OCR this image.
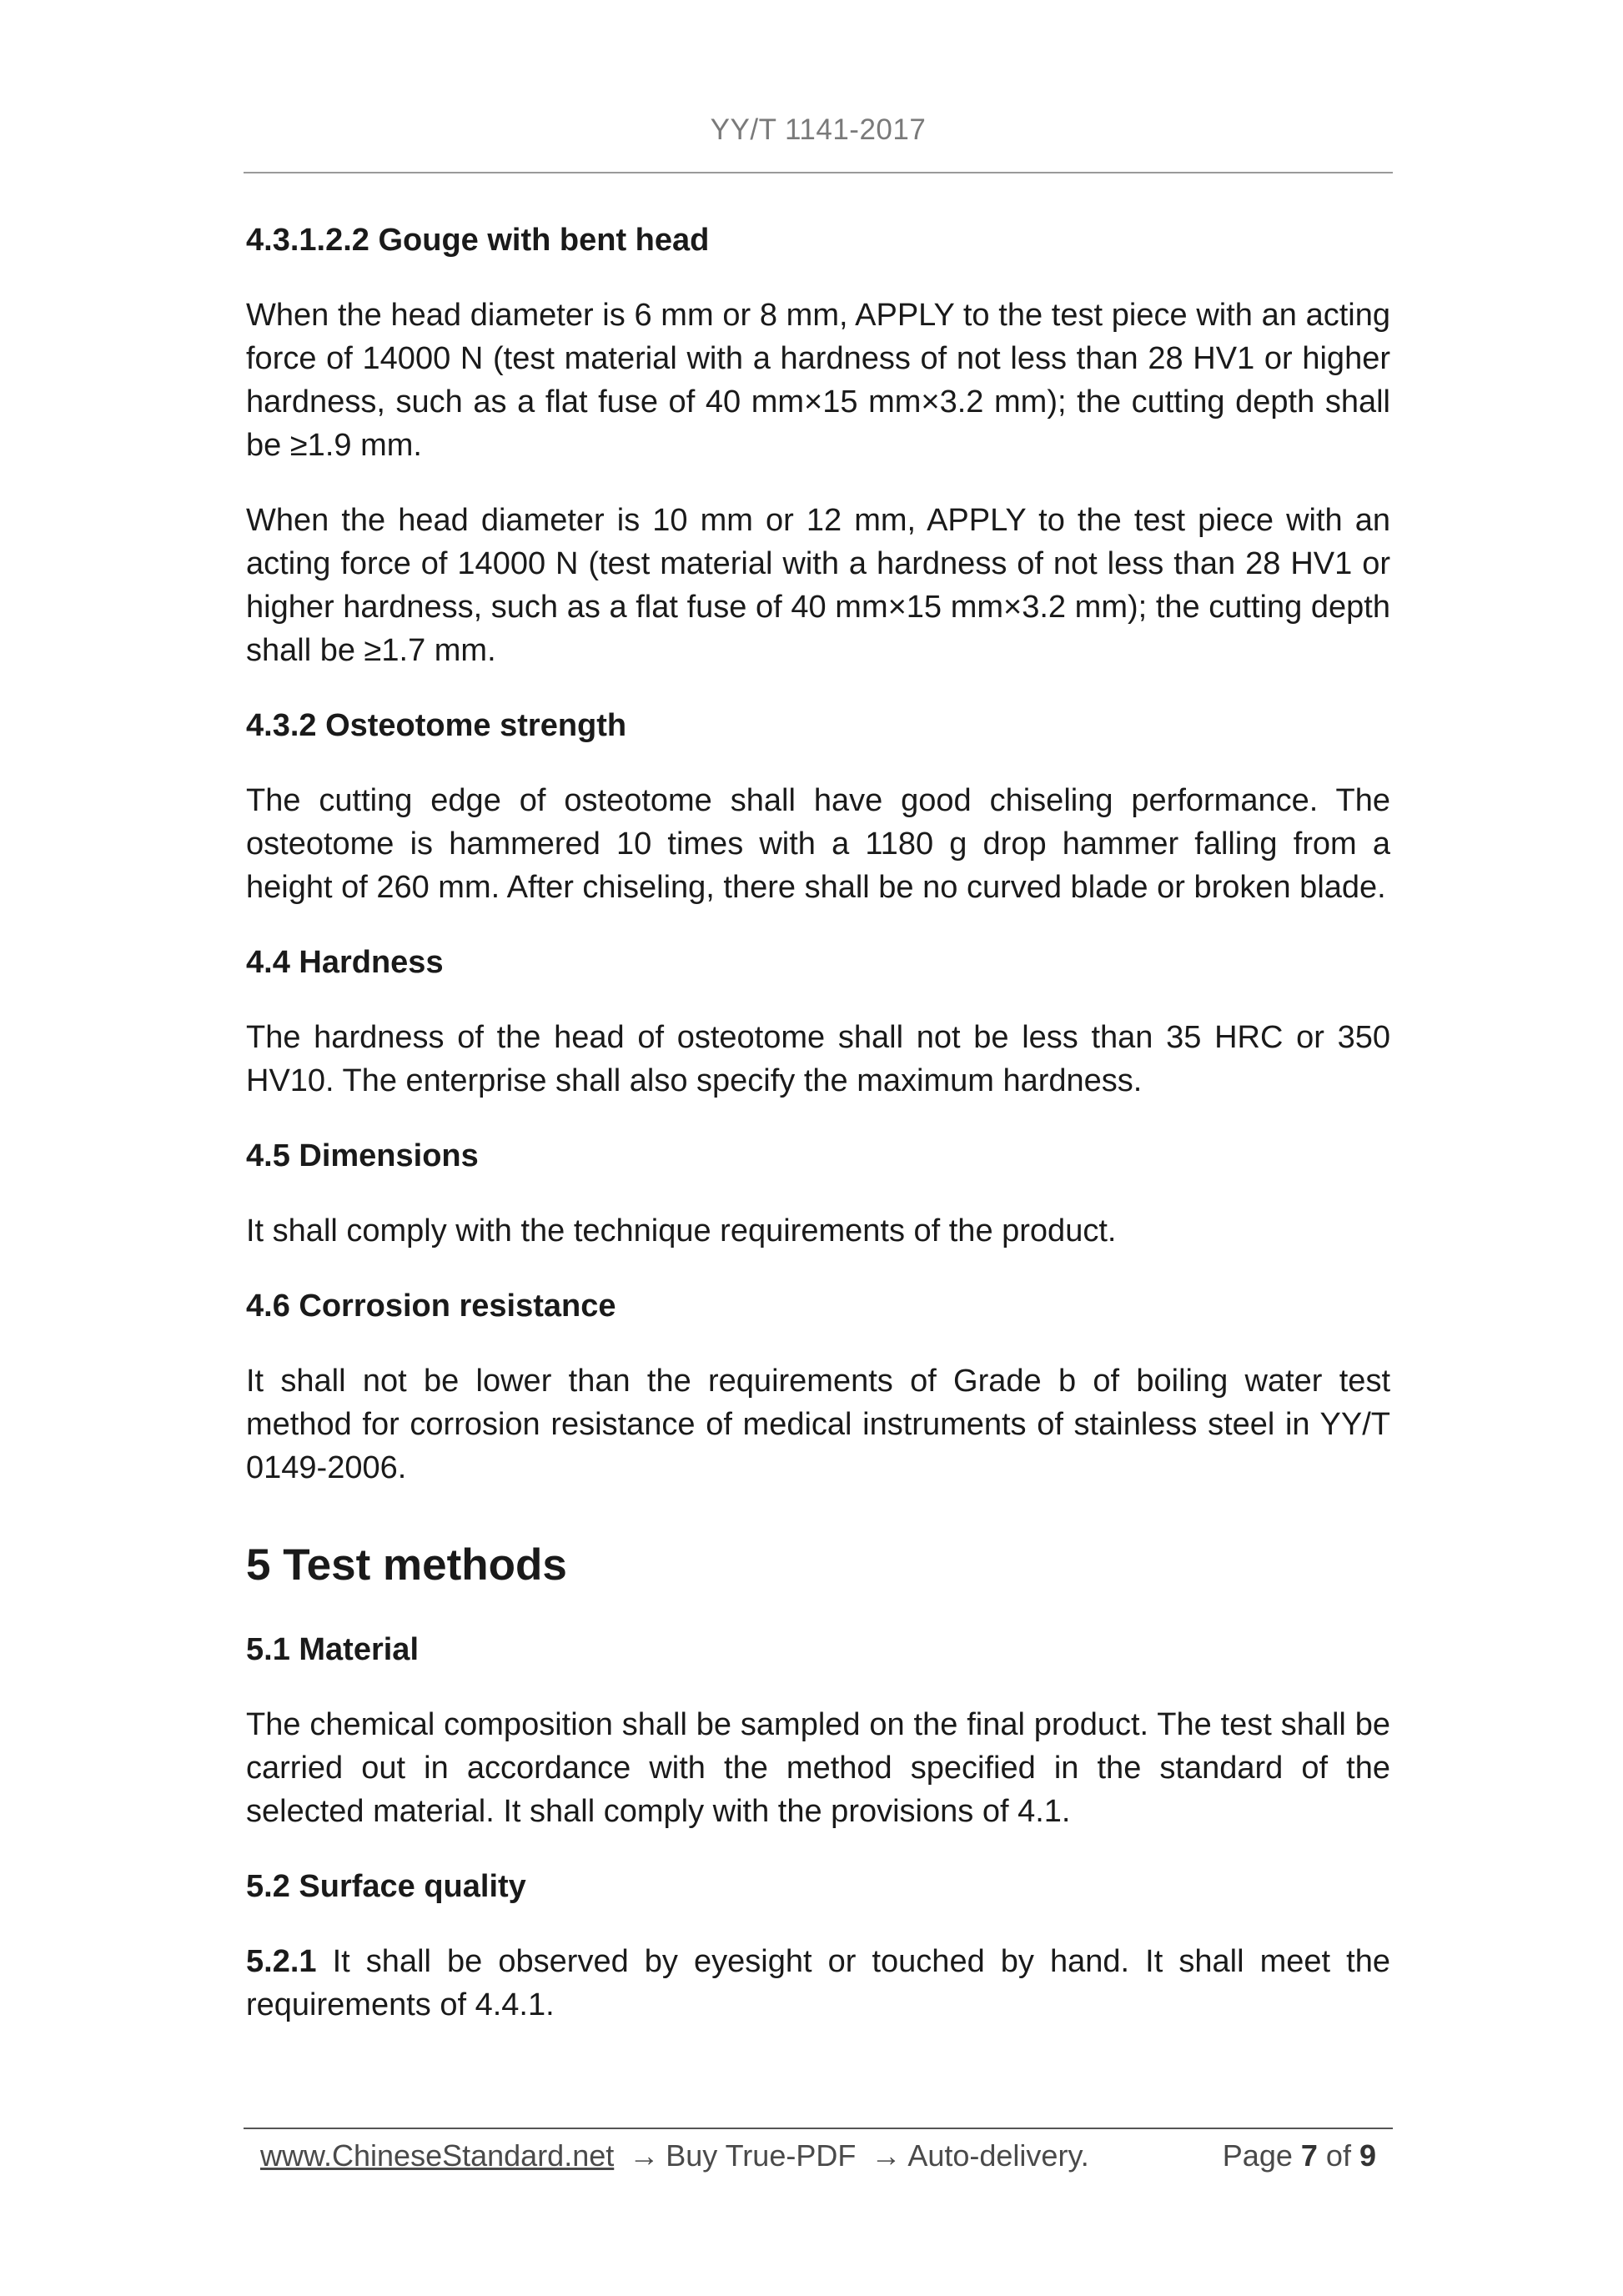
YY/T 1141-2017
4.3.1.2.2 Gouge with bent head
When the head diameter is 6 mm or 8 mm, APPLY to the test piece with an acting force of 14000 N (test material with a hardness of not less than 28 HV1 or higher hardness, such as a flat fuse of 40 mm×15 mm×3.2 mm); the cutting depth shall be ≥1.9 mm.
When the head diameter is 10 mm or 12 mm, APPLY to the test piece with an acting force of 14000 N (test material with a hardness of not less than 28 HV1 or higher hardness, such as a flat fuse of 40 mm×15 mm×3.2 mm); the cutting depth shall be ≥1.7 mm.
4.3.2 Osteotome strength
The cutting edge of osteotome shall have good chiseling performance. The osteotome is hammered 10 times with a 1180 g drop hammer falling from a height of 260 mm. After chiseling, there shall be no curved blade or broken blade.
4.4 Hardness
The hardness of the head of osteotome shall not be less than 35 HRC or 350 HV10. The enterprise shall also specify the maximum hardness.
4.5 Dimensions
It shall comply with the technique requirements of the product.
4.6 Corrosion resistance
It shall not be lower than the requirements of Grade b of boiling water test method for corrosion resistance of medical instruments of stainless steel in YY/T 0149-2006.
5 Test methods
5.1 Material
The chemical composition shall be sampled on the final product. The test shall be carried out in accordance with the method specified in the standard of the selected material. It shall comply with the provisions of 4.1.
5.2 Surface quality
5.2.1 It shall be observed by eyesight or touched by hand. It shall meet the requirements of 4.4.1.
www.ChineseStandard.net → Buy True-PDF → Auto-delivery.	Page 7 of 9
